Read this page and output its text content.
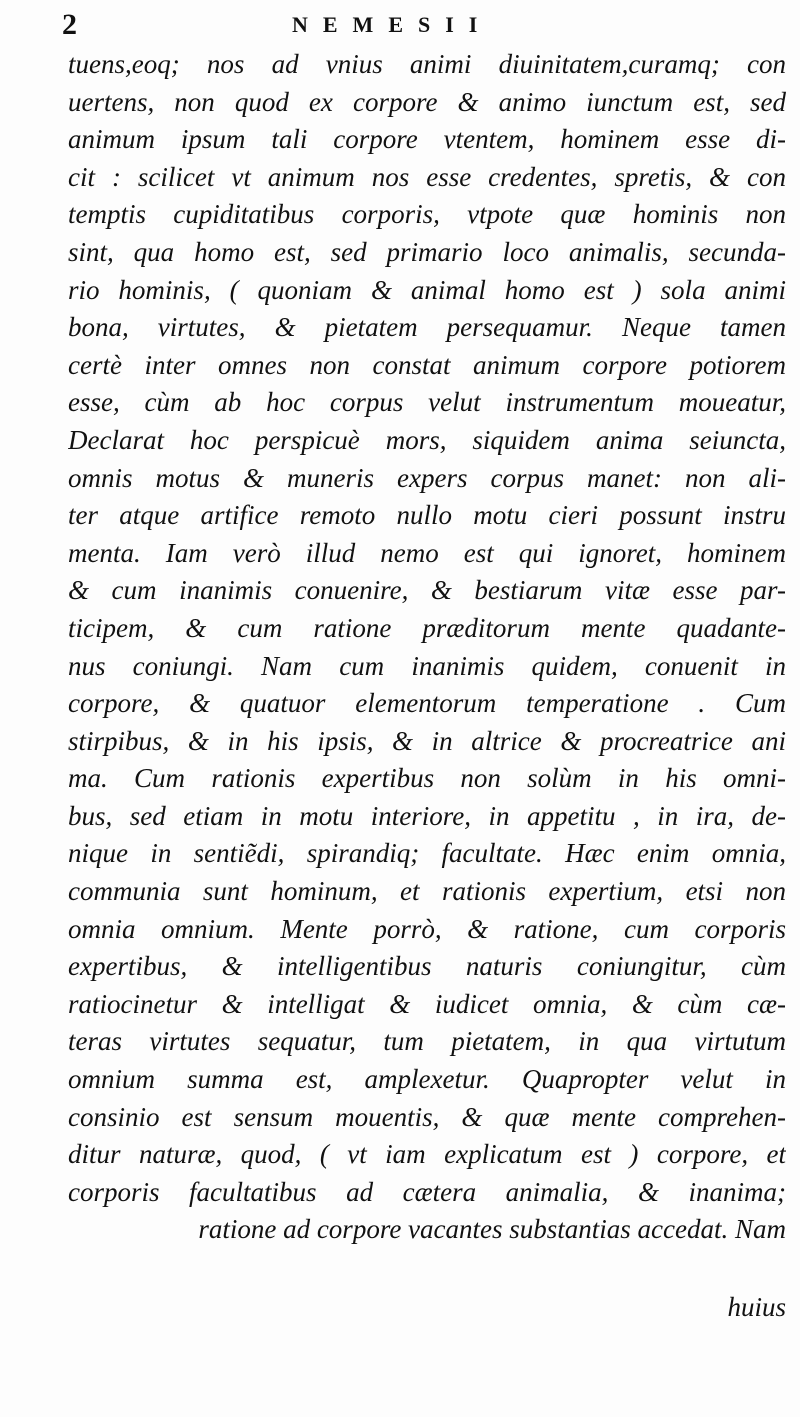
2	NEMESII
tuens,eoq; nos ad vnius animi diuinitatem,curamq; con
uertens, non quod ex corpore & animo iunctum est, sed
animum ipsum tali corpore vtentem, hominem esse di-
cit : scilicet vt animum nos esse credentes, spretis, & con
temptis cupiditatibus corporis, vtpote quæ hominis non
sint, qua homo est, sed primario loco animalis, secunda-
rio hominis, ( quoniam & animal homo est ) sola animi
bona, virtutes, & pietatem persequamur. Neque tamen
certè inter omnes non constat animum corpore potiorem
esse, cùm ab hoc corpus velut instrumentum moueatur,
Declarat hoc perspicuè mors, siquidem anima seiuncta,
omnis motus & muneris expers corpus manet: non ali-
ter atque artifice remoto nullo motu cieri possunt instru
menta. Iam verò illud nemo est qui ignoret, hominem
& cum inanimis conuenire, & bestiarum vitæ esse par-
ticipem, & cum ratione præditorum mente quadante-
nus coniungi. Nam cum inanimis quidem, conuenit in
corpore, & quatuor elementorum temperatione . Cum
stirpibus, & in his ipsis, & in altrice & procreatrice ani
ma. Cum rationis expertibus non solùm in his omni-
bus, sed etiam in motu interiore, in appetitu , in ira, de-
nique in sentiẽdi, spirandiq; facultate. Hæc enim omnia,
communia sunt hominum, et rationis expertium, etsi non
omnia omnium. Mente porrò, & ratione, cum corporis
expertibus, & intelligentibus naturis coniungitur, cùm
ratiocinetur & intelligat & iudicet omnia, & cùm cæ-
teras virtutes sequatur, tum pietatem, in qua virtutum
omnium summa est, amplexetur. Quapropter velut in
consinio est sensum mouentis, & quæ mente comprehen-
ditur naturæ, quod, ( vt iam explicatum est ) corpore, et
corporis facultatibus ad cætera animalia, & inanima;
ratione ad corpore vacantes substantias accedat. Nam
huius
